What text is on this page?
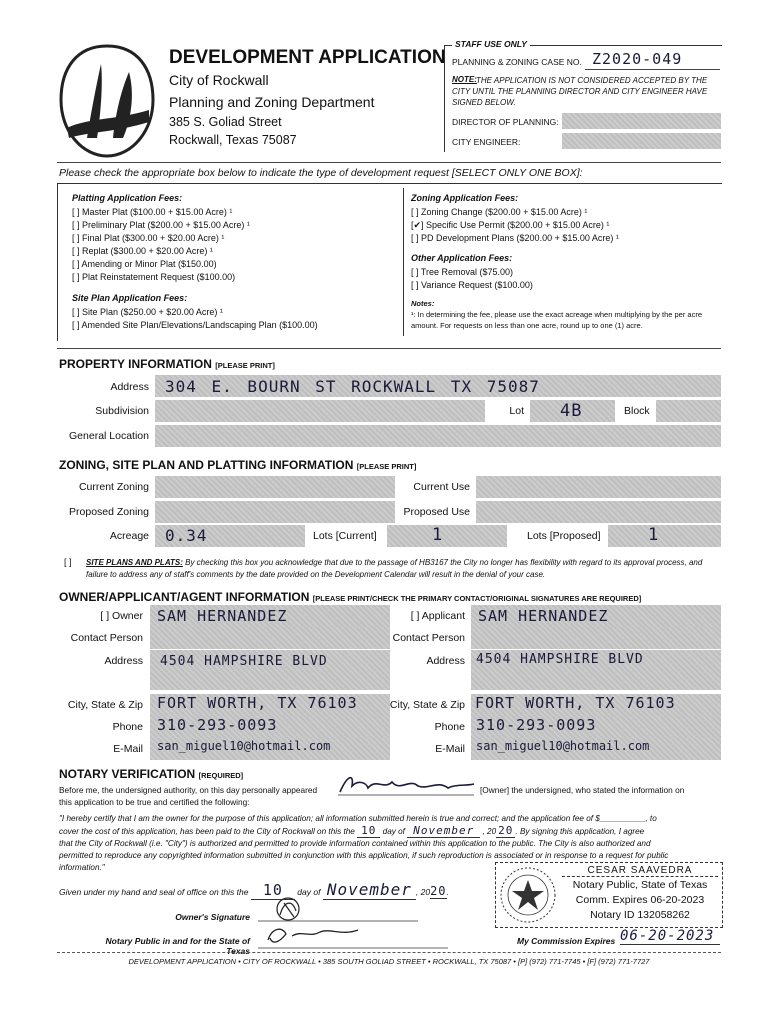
DEVELOPMENT APPLICATION
City of Rockwall
Planning and Zoning Department
385 S. Goliad Street
Rockwall, Texas 75087
STAFF USE ONLY
PLANNING & ZONING CASE NO. Z2020-049
NOTE: THE APPLICATION IS NOT CONSIDERED ACCEPTED BY THE CITY UNTIL THE PLANNING DIRECTOR AND CITY ENGINEER HAVE SIGNED BELOW.
DIRECTOR OF PLANNING:
CITY ENGINEER:
Please check the appropriate box below to indicate the type of development request [SELECT ONLY ONE BOX]:
Platting Application Fees:
[ ] Master Plat ($100.00 + $15.00 Acre) ¹
[ ] Preliminary Plat ($200.00 + $15.00 Acre) ¹
[ ] Final Plat ($300.00 + $20.00 Acre) ¹
[ ] Replat ($300.00 + $20.00 Acre) ¹
[ ] Amending or Minor Plat ($150.00)
[ ] Plat Reinstatement Request ($100.00)
Site Plan Application Fees:
[ ] Site Plan ($250.00 + $20.00 Acre) ¹
[ ] Amended Site Plan/Elevations/Landscaping Plan ($100.00)
Zoning Application Fees:
[ ] Zoning Change ($200.00 + $15.00 Acre) ¹
[✔] Specific Use Permit ($200.00 + $15.00 Acre) ¹
[ ] PD Development Plans ($200.00 + $15.00 Acre) ¹
Other Application Fees:
[ ] Tree Removal ($75.00)
[ ] Variance Request ($100.00)
Notes:
¹: In determining the fee, please use the exact acreage when multiplying by the per acre amount. For requests on less than one acre, round up to one (1) acre.
PROPERTY INFORMATION [PLEASE PRINT]
Address 304 E. BOURN ST ROCKWALL TX 75087
Subdivision	Lot 4B	Block
General Location
ZONING, SITE PLAN AND PLATTING INFORMATION [PLEASE PRINT]
Current Zoning	Current Use
Proposed Zoning	Proposed Use
Acreage 0.34	Lots [Current]	1	Lots [Proposed]	1
[ ] SITE PLANS AND PLATS: By checking this box you acknowledge that due to the passage of HB3167 the City no longer has flexibility with regard to its approval process, and failure to address any of staff's comments by the date provided on the Development Calendar will result in the denial of your case.
OWNER/APPLICANT/AGENT INFORMATION [PLEASE PRINT/CHECK THE PRIMARY CONTACT/ORIGINAL SIGNATURES ARE REQUIRED]
[ ] Owner SAM HERNANDEZ	[ ] Applicant SAM HERNANDEZ
Contact Person	Contact Person
Address 4504 HAMPSHIRE BLVD	Address 4504 HAMPSHIRE BLVD
City, State & Zip FORT WORTH, TX 76103	City, State & Zip FORT WORTH, TX 76103
Phone 310-293-0093	Phone 310-293-0093
E-Mail san_miguel10@hotmail.com	E-Mail san_miguel10@hotmail.com
NOTARY VERIFICATION [REQUIRED]
Before me, the undersigned authority, on this day personally appeared	[Owner] the undersigned, who stated the information on
this application to be true and certified the following:
"I hereby certify that I am the owner for the purpose of this application; all information submitted herein is true and correct; and the application fee of $__________, to
cover the cost of this application, has been paid to the City of Rockwall on this the 10 day of November , 20 20 . By signing this application, I agree
that the City of Rockwall (i.e. "City") is authorized and permitted to provide information contained within this application to the public. The City is also authorized and
permitted to reproduce any copyrighted information submitted in conjunction with this application, if such reproduction is associated or in response to a request for public
information."
Given under my hand and seal of office on this the 10 day of November , 2020.
CESAR SAAVEDRA
Notary Public, State of Texas
Comm. Expires 06-20-2023
Notary ID 132058262
Owner's Signature
Notary Public in and for the State of Texas
My Commission Expires 06-20-2023
DEVELOPMENT APPLICATION • CITY OF ROCKWALL • 385 SOUTH GOLIAD STREET • ROCKWALL, TX 75087 • [P] (972) 771-7745 • [F] (972) 771-7727
